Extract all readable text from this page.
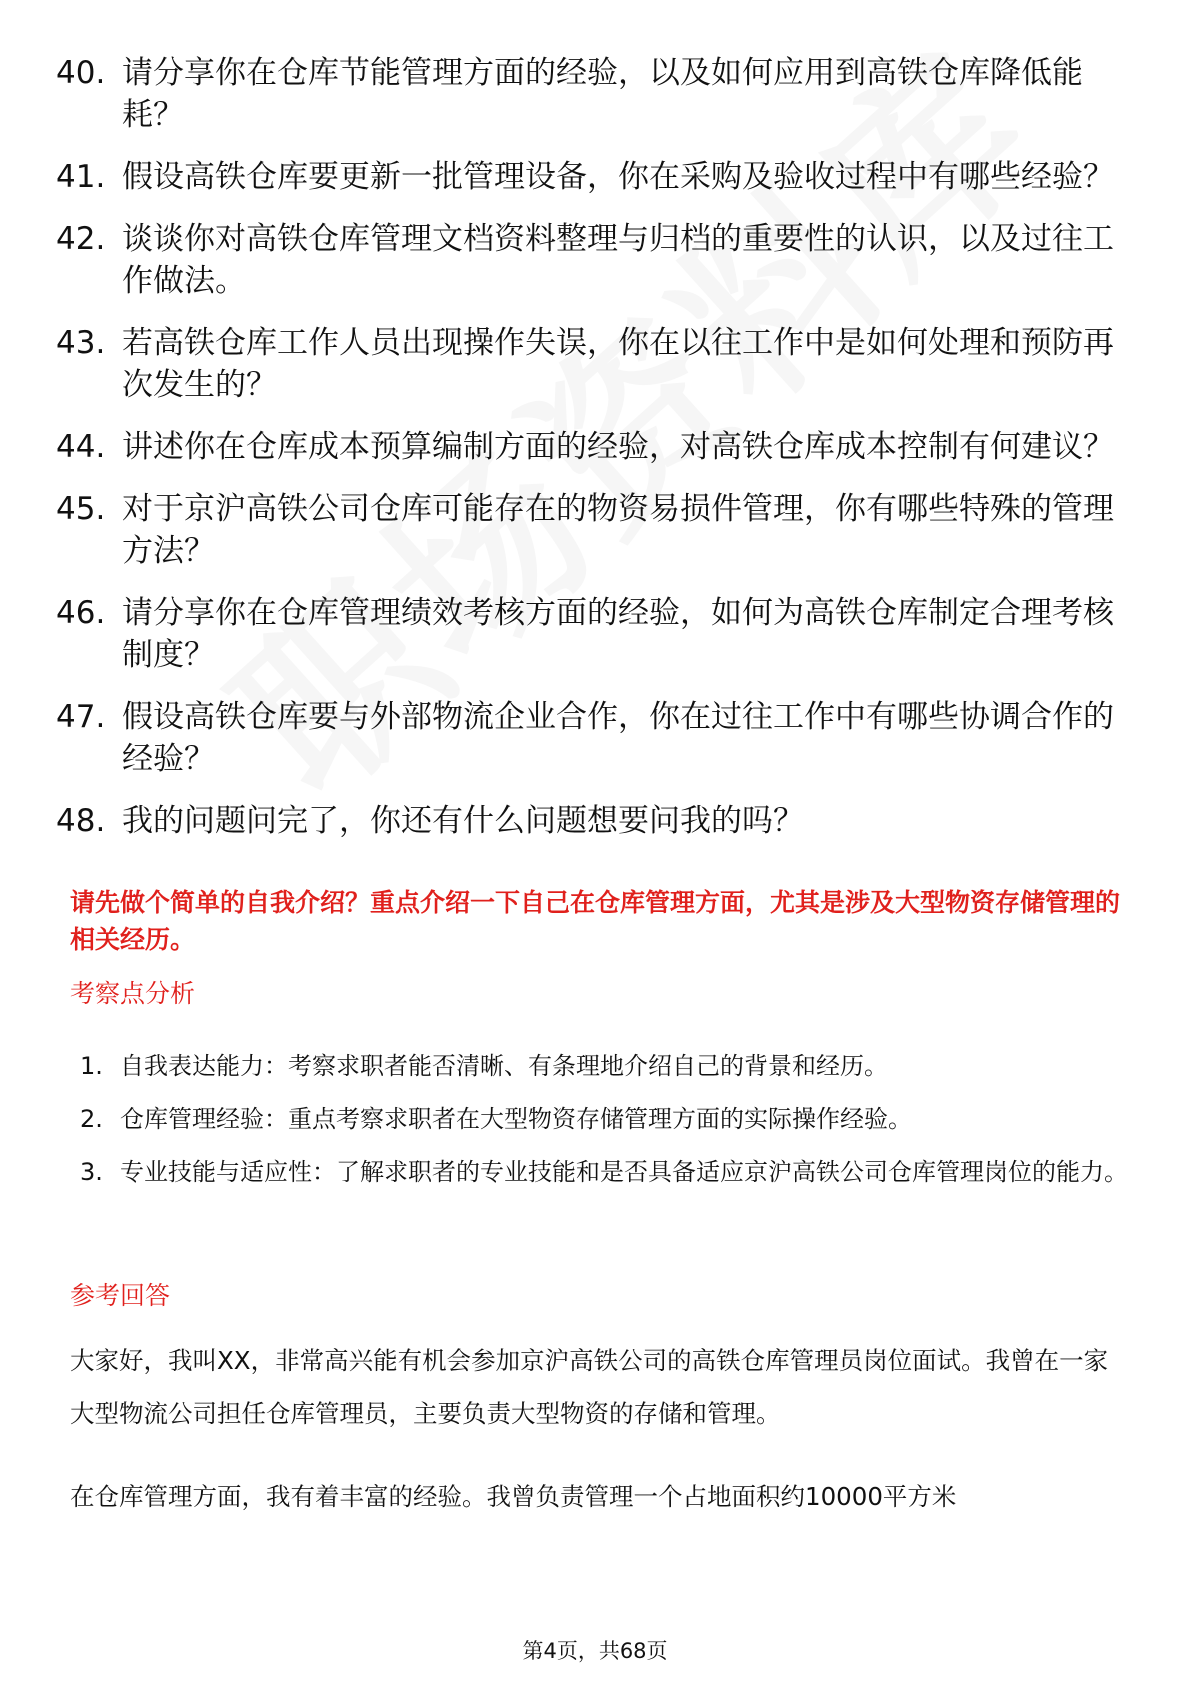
40. 请分享你在仓库节能管理方面的经验，以及如何应用到高铁仓库降低能耗？
41. 假设高铁仓库要更新一批管理设备，你在采购及验收过程中有哪些经验？
42. 谈谈你对高铁仓库管理文档资料整理与归档的重要性的认识，以及过往工作做法。
43. 若高铁仓库工作人员出现操作失误，你在以往工作中是如何处理和预防再次发生的？
44. 讲述你在仓库成本预算编制方面的经验，对高铁仓库成本控制有何建议？
45. 对于京沪高铁公司仓库可能存在的物资易损件管理，你有哪些特殊的管理方法？
46. 请分享你在仓库管理绩效考核方面的经验，如何为高铁仓库制定合理考核制度？
47. 假设高铁仓库要与外部物流企业合作，你在过往工作中有哪些协调合作的经验？
48. 我的问题问完了，你还有什么问题想要问我的吗？
请先做个简单的自我介绍？重点介绍一下自己在仓库管理方面，尤其是涉及大型物资存储管理的相关经历。
考察点分析
1. 自我表达能力：考察求职者能否清晰、有条理地介绍自己的背景和经历。
2. 仓库管理经验：重点考察求职者在大型物资存储管理方面的实际操作经验。
3. 专业技能与适应性：了解求职者的专业技能和是否具备适应京沪高铁公司仓库管理岗位的能力。
参考回答

大家好，我叫XX，非常高兴能有机会参加京沪高铁公司的高铁仓库管理员岗位面试。我曾在一家大型物流公司担任仓库管理员，主要负责大型物资的存储和管理。

在仓库管理方面，我有着丰富的经验。我曾负责管理一个占地面积约10000平方米

第4页，共68页
